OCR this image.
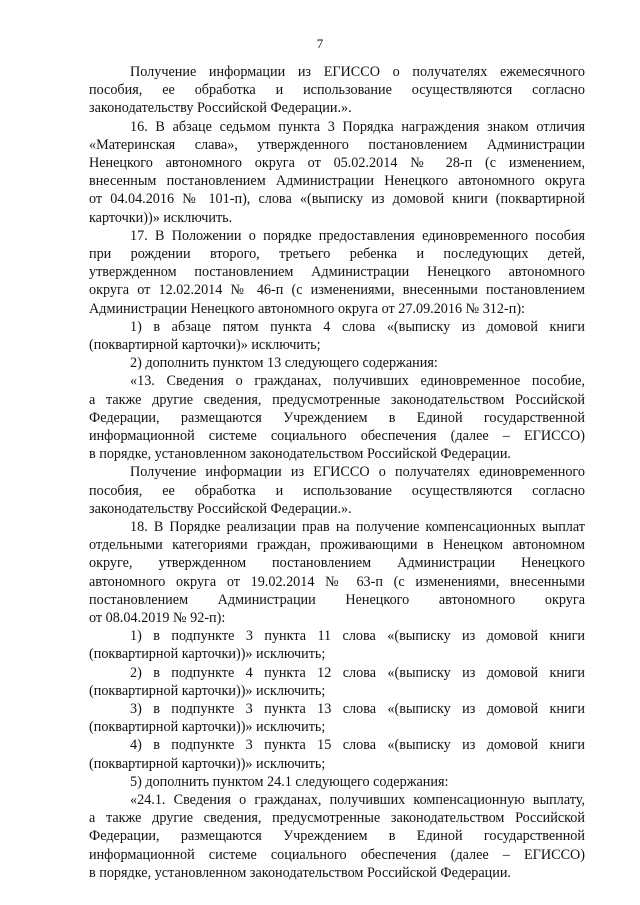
7
Получение информации из ЕГИССО о получателях ежемесячного
пособия, ее обработка и использование осуществляются согласно
законодательству Российской Федерации.».
16. В абзаце седьмом пункта 3 Порядка награждения знаком отличия
«Материнская слава», утвержденного постановлением Администрации
Ненецкого автономного округа от 05.02.2014 № 28-п (с изменением,
внесенным постановлением Администрации Ненецкого автономного округа
от 04.04.2016 № 101-п), слова «(выписку из домовой книги (поквартирной
карточки))» исключить.
17. В Положении о порядке предоставления единовременного пособия
при рождении второго, третьего ребенка и последующих детей,
утвержденном постановлением Администрации Ненецкого автономного
округа от 12.02.2014 № 46-п (с изменениями, внесенными постановлением
Администрации Ненецкого автономного округа от 27.09.2016 № 312-п):
1) в абзаце пятом пункта 4 слова «(выписку из домовой книги
(поквартирной карточки)» исключить;
2) дополнить пунктом 13 следующего содержания:
«13. Сведения о гражданах, получивших единовременное пособие,
а также другие сведения, предусмотренные законодательством Российской
Федерации, размещаются Учреждением в Единой государственной
информационной системе социального обеспечения (далее – ЕГИССО)
в порядке, установленном законодательством Российской Федерации.
Получение информации из ЕГИССО о получателях единовременного
пособия, ее обработка и использование осуществляются согласно
законодательству Российской Федерации.».
18. В Порядке реализации прав на получение компенсационных выплат
отдельными категориями граждан, проживающими в Ненецком автономном
округе, утвержденном постановлением Администрации Ненецкого
автономного округа от 19.02.2014 № 63-п (с изменениями, внесенными
постановлением Администрации Ненецкого автономного округа
от 08.04.2019 № 92-п):
1) в подпункте 3 пункта 11 слова «(выписку из домовой книги
(поквартирной карточки))» исключить;
2) в подпункте 4 пункта 12 слова «(выписку из домовой книги
(поквартирной карточки))» исключить;
3) в подпункте 3 пункта 13 слова «(выписку из домовой книги
(поквартирной карточки))» исключить;
4) в подпункте 3 пункта 15 слова «(выписку из домовой книги
(поквартирной карточки))» исключить;
5) дополнить пунктом 24.1 следующего содержания:
«24.1. Сведения о гражданах, получивших компенсационную выплату,
а также другие сведения, предусмотренные законодательством Российской
Федерации, размещаются Учреждением в Единой государственной
информационной системе социального обеспечения (далее – ЕГИССО)
в порядке, установленном законодательством Российской Федерации.
